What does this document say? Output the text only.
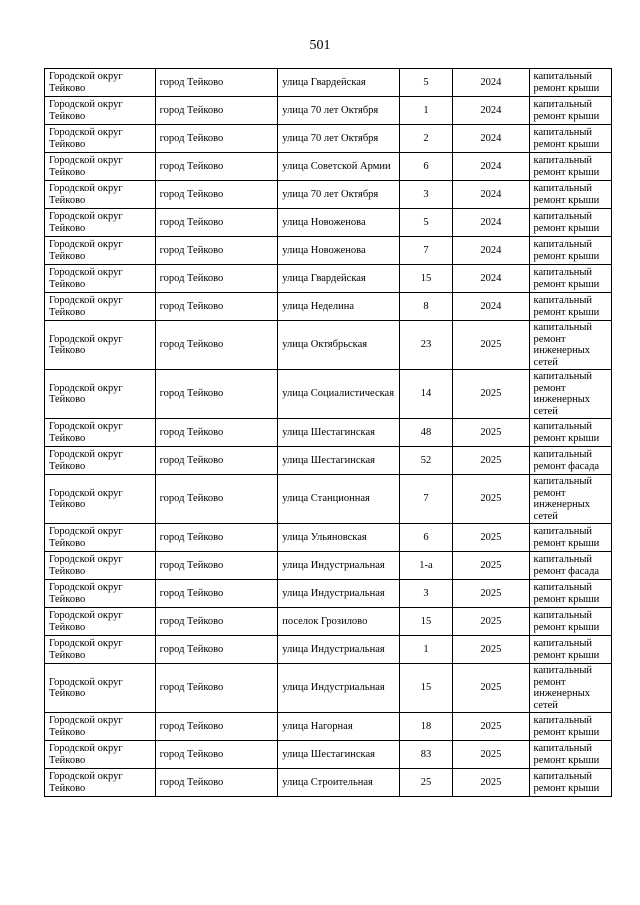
501
Городской округ Тейково	город Тейково	улица Гвардейская	5	2024	капитальный ремонт крыши
Городской округ Тейково	город Тейково	улица 70 лет Октября	1	2024	капитальный ремонт крыши
Городской округ Тейково	город Тейково	улица 70 лет Октября	2	2024	капитальный ремонт крыши
Городской округ Тейково	город Тейково	улица Советской Армии	6	2024	капитальный ремонт крыши
Городской округ Тейково	город Тейково	улица 70 лет Октября	3	2024	капитальный ремонт крыши
Городской округ Тейково	город Тейково	улица Новоженова	5	2024	капитальный ремонт крыши
Городской округ Тейково	город Тейково	улица Новоженова	7	2024	капитальный ремонт крыши
Городской округ Тейково	город Тейково	улица Гвардейская	15	2024	капитальный ремонт крыши
Городской округ Тейково	город Тейково	улица Неделина	8	2024	капитальный ремонт крыши
Городской округ Тейково	город Тейково	улица Октябрьская	23	2025	капитальный ремонт инженерных сетей
Городской округ Тейково	город Тейково	улица Социалистическая	14	2025	капитальный ремонт инженерных сетей
Городской округ Тейково	город Тейково	улица Шестагинская	48	2025	капитальный ремонт крыши
Городской округ Тейково	город Тейково	улица Шестагинская	52	2025	капитальный ремонт фасада
Городской округ Тейково	город Тейково	улица Станционная	7	2025	капитальный ремонт инженерных сетей
Городской округ Тейково	город Тейково	улица Ульяновская	6	2025	капитальный ремонт крыши
Городской округ Тейково	город Тейково	улица Индустриальная	1-а	2025	капитальный ремонт фасада
Городской округ Тейково	город Тейково	улица Индустриальная	3	2025	капитальный ремонт крыши
Городской округ Тейково	город Тейково	поселок Грозилово	15	2025	капитальный ремонт крыши
Городской округ Тейково	город Тейково	улица Индустриальная	1	2025	капитальный ремонт крыши
Городской округ Тейково	город Тейково	улица Индустриальная	15	2025	капитальный ремонт инженерных сетей
Городской округ Тейково	город Тейково	улица Нагорная	18	2025	капитальный ремонт крыши
Городской округ Тейково	город Тейково	улица Шестагинская	83	2025	капитальный ремонт крыши
Городской округ Тейково	город Тейково	улица Строительная	25	2025	капитальный ремонт крыши
